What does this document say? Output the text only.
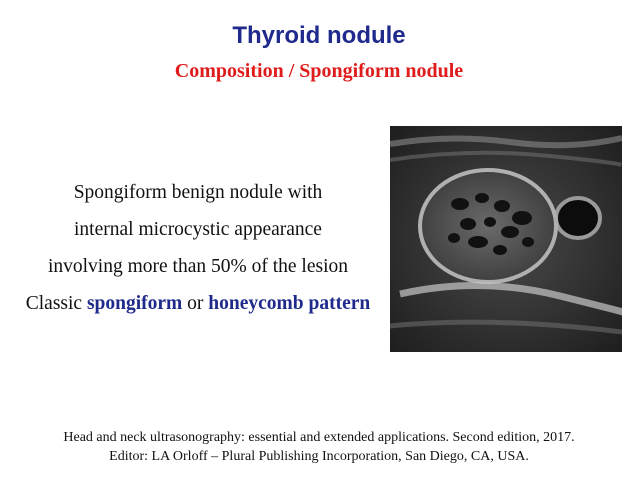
Thyroid nodule
Composition / Spongiform nodule
Spongiform benign nodule with
internal microcystic appearance
involving more than 50% of the lesion
Classic spongiform or honeycomb pattern
Head and neck ultrasonography: essential and extended applications. Second edition, 2017.
Editor: LA Orloff – Plural Publishing Incorporation, San Diego, CA, USA.
